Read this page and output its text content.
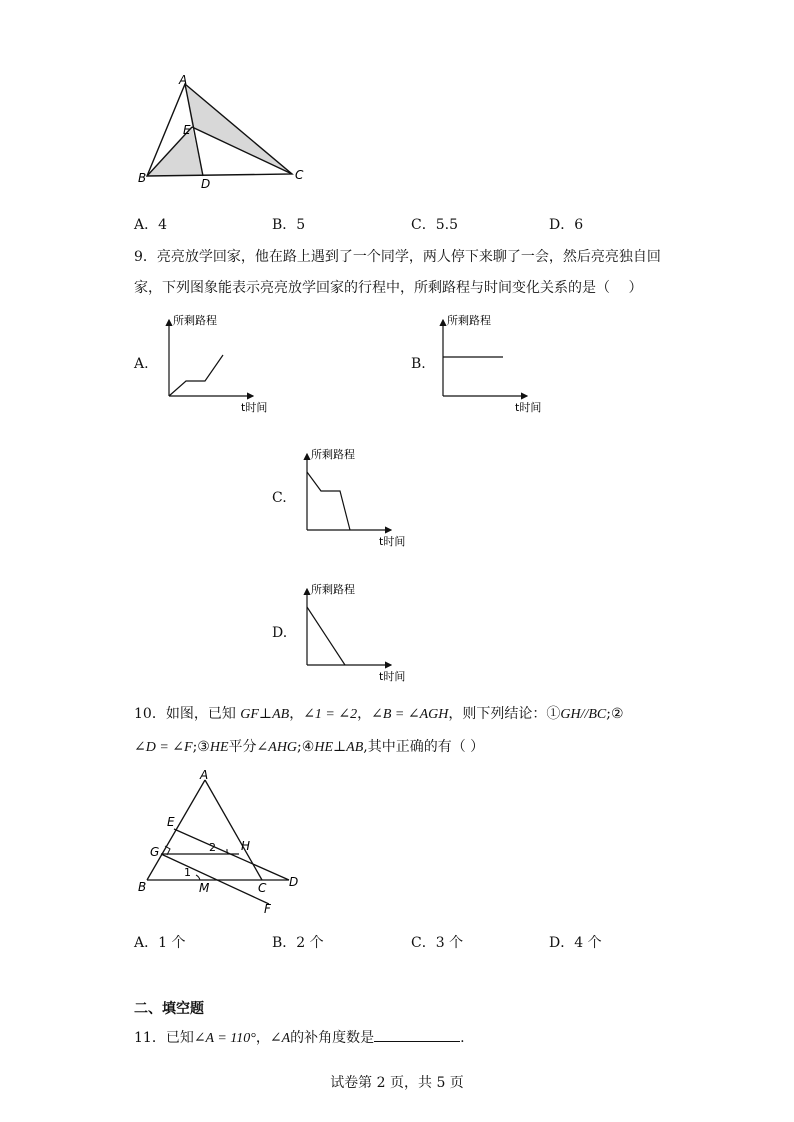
A
E
B	D
C
A．4	B．5	C．5.5	D．6
9．亮亮放学回家，他在路上遇到了一个同学，两人停下来聊了一会，然后亮亮独自回
家，下列图象能表示亮亮放学回家的行程中，所剩路程与时间变化关系的是（　 ）
A.
所剩路程
t时间
B.
所剩路程
t时间
C.
所剩路程
t时间
D.
所剩路程
t时间
10．如图，已知 GF⊥AB，∠1 = ∠2，∠B = ∠AGH，则下列结论：①GH//BC;②
∠D = ∠F;③HE平分∠AHG;④HE⊥AB,其中正确的有（ ）
A
E
G	H
2
1
B	M	C D
F
A．1 个	B．2 个	C．3 个	D．4 个
二、填空题
11．已知∠A = 110°，∠A的补角度数是	.
试卷第 2 页，共 5 页
